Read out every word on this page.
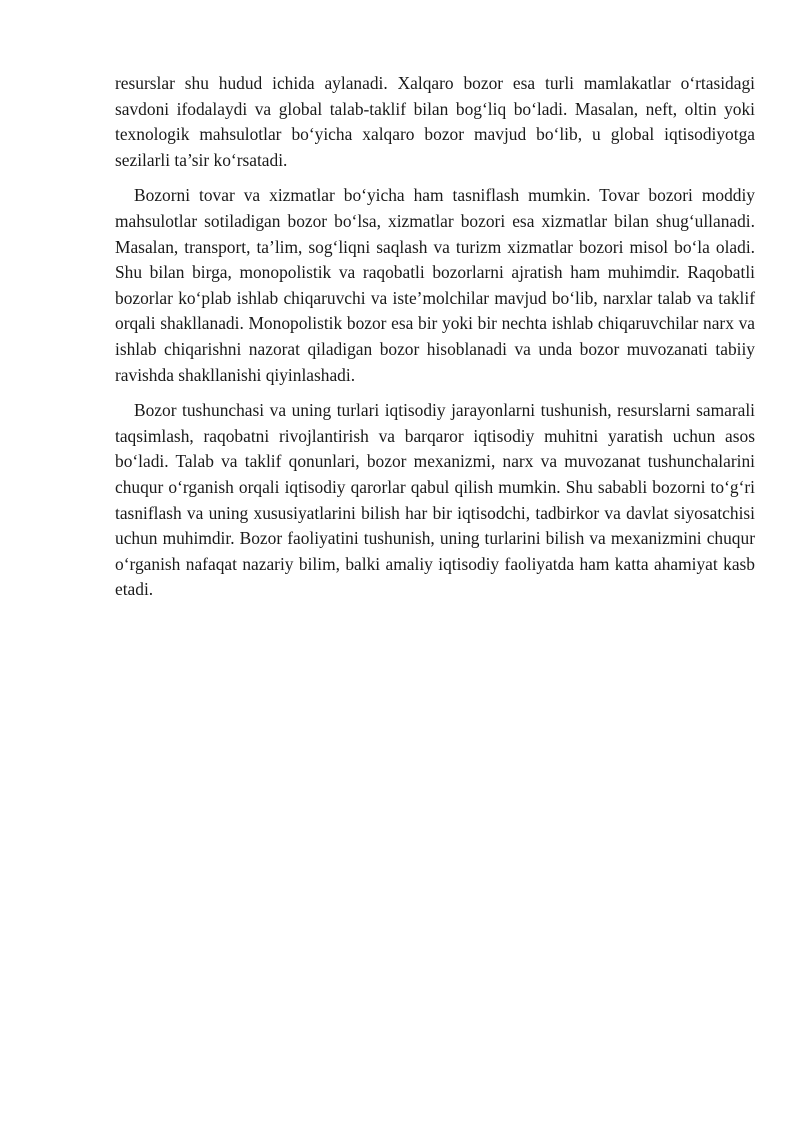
resurslar shu hudud ichida aylanadi. Xalqaro bozor esa turli mamlakatlar o‘rtasidagi savdoni ifodalaydi va global talab-taklif bilan bog‘liq bo‘ladi. Masalan, neft, oltin yoki texnologik mahsulotlar bo‘yicha xalqaro bozor mavjud bo‘lib, u global iqtisodiyotga sezilarli ta’sir ko‘rsatadi.

Bozorni tovar va xizmatlar bo‘yicha ham tasniflash mumkin. Tovar bozori moddiy mahsulotlar sotiladigan bozor bo‘lsa, xizmatlar bozori esa xizmatlar bilan shug‘ullanadi. Masalan, transport, ta’lim, sog‘liqni saqlash va turizm xizmatlar bozori misol bo‘la oladi. Shu bilan birga, monopolistik va raqobatli bozorlarni ajratish ham muhimdir. Raqobatli bozorlar ko‘plab ishlab chiqaruvchi va iste’molchilar mavjud bo‘lib, narxlar talab va taklif orqali shakllanadi. Monopolistik bozor esa bir yoki bir nechta ishlab chiqaruvchilar narx va ishlab chiqarishni nazorat qiladigan bozor hisoblanadi va unda bozor muvozanati tabiiy ravishda shakllanishi qiyinlashadi.

Bozor tushunchasi va uning turlari iqtisodiy jarayonlarni tushunish, resurslarni samarali taqsimlash, raqobatni rivojlantirish va barqaror iqtisodiy muhitni yaratish uchun asos bo‘ladi. Talab va taklif qonunlari, bozor mexanizmi, narx va muvozanat tushunchalarini chuqur o‘rganish orqali iqtisodiy qarorlar qabul qilish mumkin. Shu sababli bozorni to‘g‘ri tasniflash va uning xususiyatlarini bilish har bir iqtisodchi, tadbirkor va davlat siyosatchisi uchun muhimdir. Bozor faoliyatini tushunish, uning turlarini bilish va mexanizmini chuqur o‘rganish nafaqat nazariy bilim, balki amaliy iqtisodiy faoliyatda ham katta ahamiyat kasb etadi.
